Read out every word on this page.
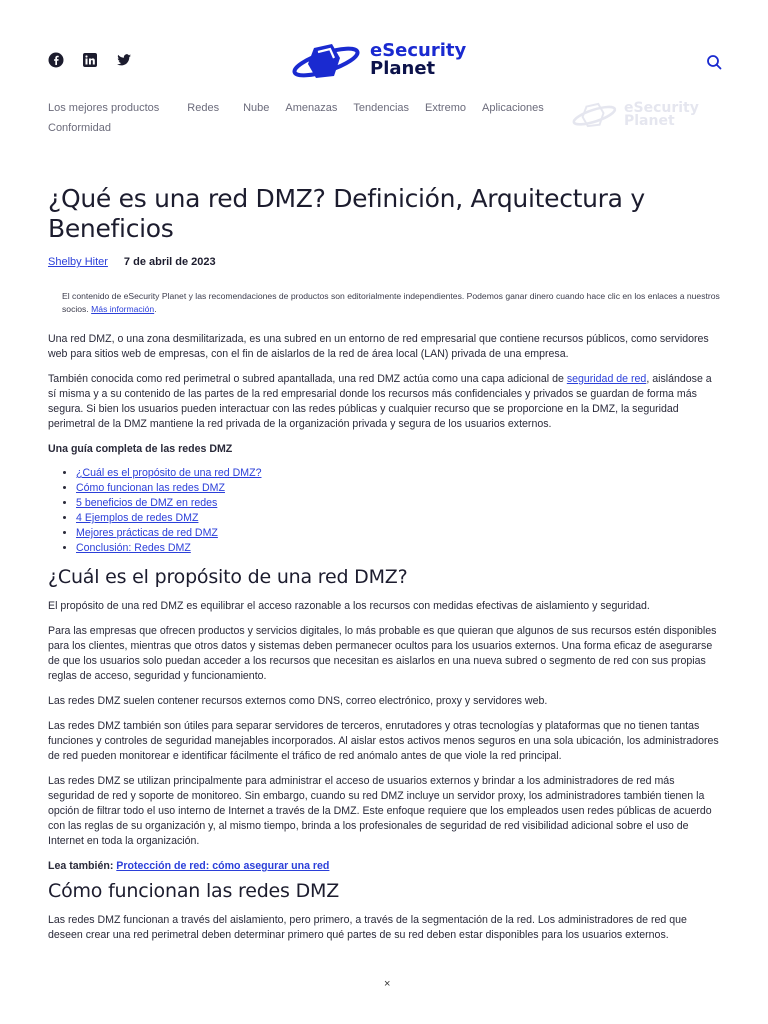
eSecurity
Planet
Los mejores productos	Redes Nube Amenazas Tendencias Extremo Aplicaciones
Conformidad
eSecurity
Planet
¿Qué es una red DMZ? Definición, Arquitectura y Beneficios
Shelby Hiter 7 de abril de 2023
El contenido de eSecurity Planet y las recomendaciones de productos son editorialmente independientes. Podemos ganar dinero cuando hace clic en los enlaces a nuestros socios. Más información.

Una red DMZ, o una zona desmilitarizada, es una subred en un entorno de red empresarial que contiene recursos públicos, como servidores web para sitios web de empresas, con el fin de aislarlos de la red de área local (LAN) privada de una empresa.

También conocida como red perimetral o subred apantallada, una red DMZ actúa como una capa adicional de seguridad de red, aislándose a sí misma y a su contenido de las partes de la red empresarial donde los recursos más confidenciales y privados se guardan de forma más segura. Si bien los usuarios pueden interactuar con las redes públicas y cualquier recurso que se proporcione en la DMZ, la seguridad perimetral de la DMZ mantiene la red privada de la organización privada y segura de los usuarios externos.

Una guía completa de las redes DMZ
• ¿Cuál es el propósito de una red DMZ?
• Cómo funcionan las redes DMZ
• 5 beneficios de DMZ en redes
• 4 Ejemplos de redes DMZ
• Mejores prácticas de red DMZ
• Conclusión: Redes DMZ
¿Cuál es el propósito de una red DMZ?

El propósito de una red DMZ es equilibrar el acceso razonable a los recursos con medidas efectivas de aislamiento y seguridad.

Para las empresas que ofrecen productos y servicios digitales, lo más probable es que quieran que algunos de sus recursos estén disponibles para los clientes, mientras que otros datos y sistemas deben permanecer ocultos para los usuarios externos. Una forma eficaz de asegurarse de que los usuarios solo puedan acceder a los recursos que necesitan es aislarlos en una nueva subred o segmento de red con sus propias reglas de acceso, seguridad y funcionamiento.

Las redes DMZ suelen contener recursos externos como DNS, correo electrónico, proxy y servidores web.

Las redes DMZ también son útiles para separar servidores de terceros, enrutadores y otras tecnologías y plataformas que no tienen tantas funciones y controles de seguridad manejables incorporados. Al aislar estos activos menos seguros en una sola ubicación, los administradores de red pueden monitorear e identificar fácilmente el tráfico de red anómalo antes de que viole la red principal.

Las redes DMZ se utilizan principalmente para administrar el acceso de usuarios externos y brindar a los administradores de red más seguridad de red y soporte de monitoreo. Sin embargo, cuando su red DMZ incluye un servidor proxy, los administradores también tienen la opción de filtrar todo el uso interno de Internet a través de la DMZ. Este enfoque requiere que los empleados usen redes públicas de acuerdo con las reglas de su organización y, al mismo tiempo, brinda a los profesionales de seguridad de red visibilidad adicional sobre el uso de Internet en toda la organización.

Lea también: Protección de red: cómo asegurar una red

Cómo funcionan las redes DMZ

Las redes DMZ funcionan a través del aislamiento, pero primero, a través de la segmentación de la red. Los administradores de red que deseen crear una red perimetral deben determinar primero qué partes de su red deben estar disponibles para los usuarios externos.

×
